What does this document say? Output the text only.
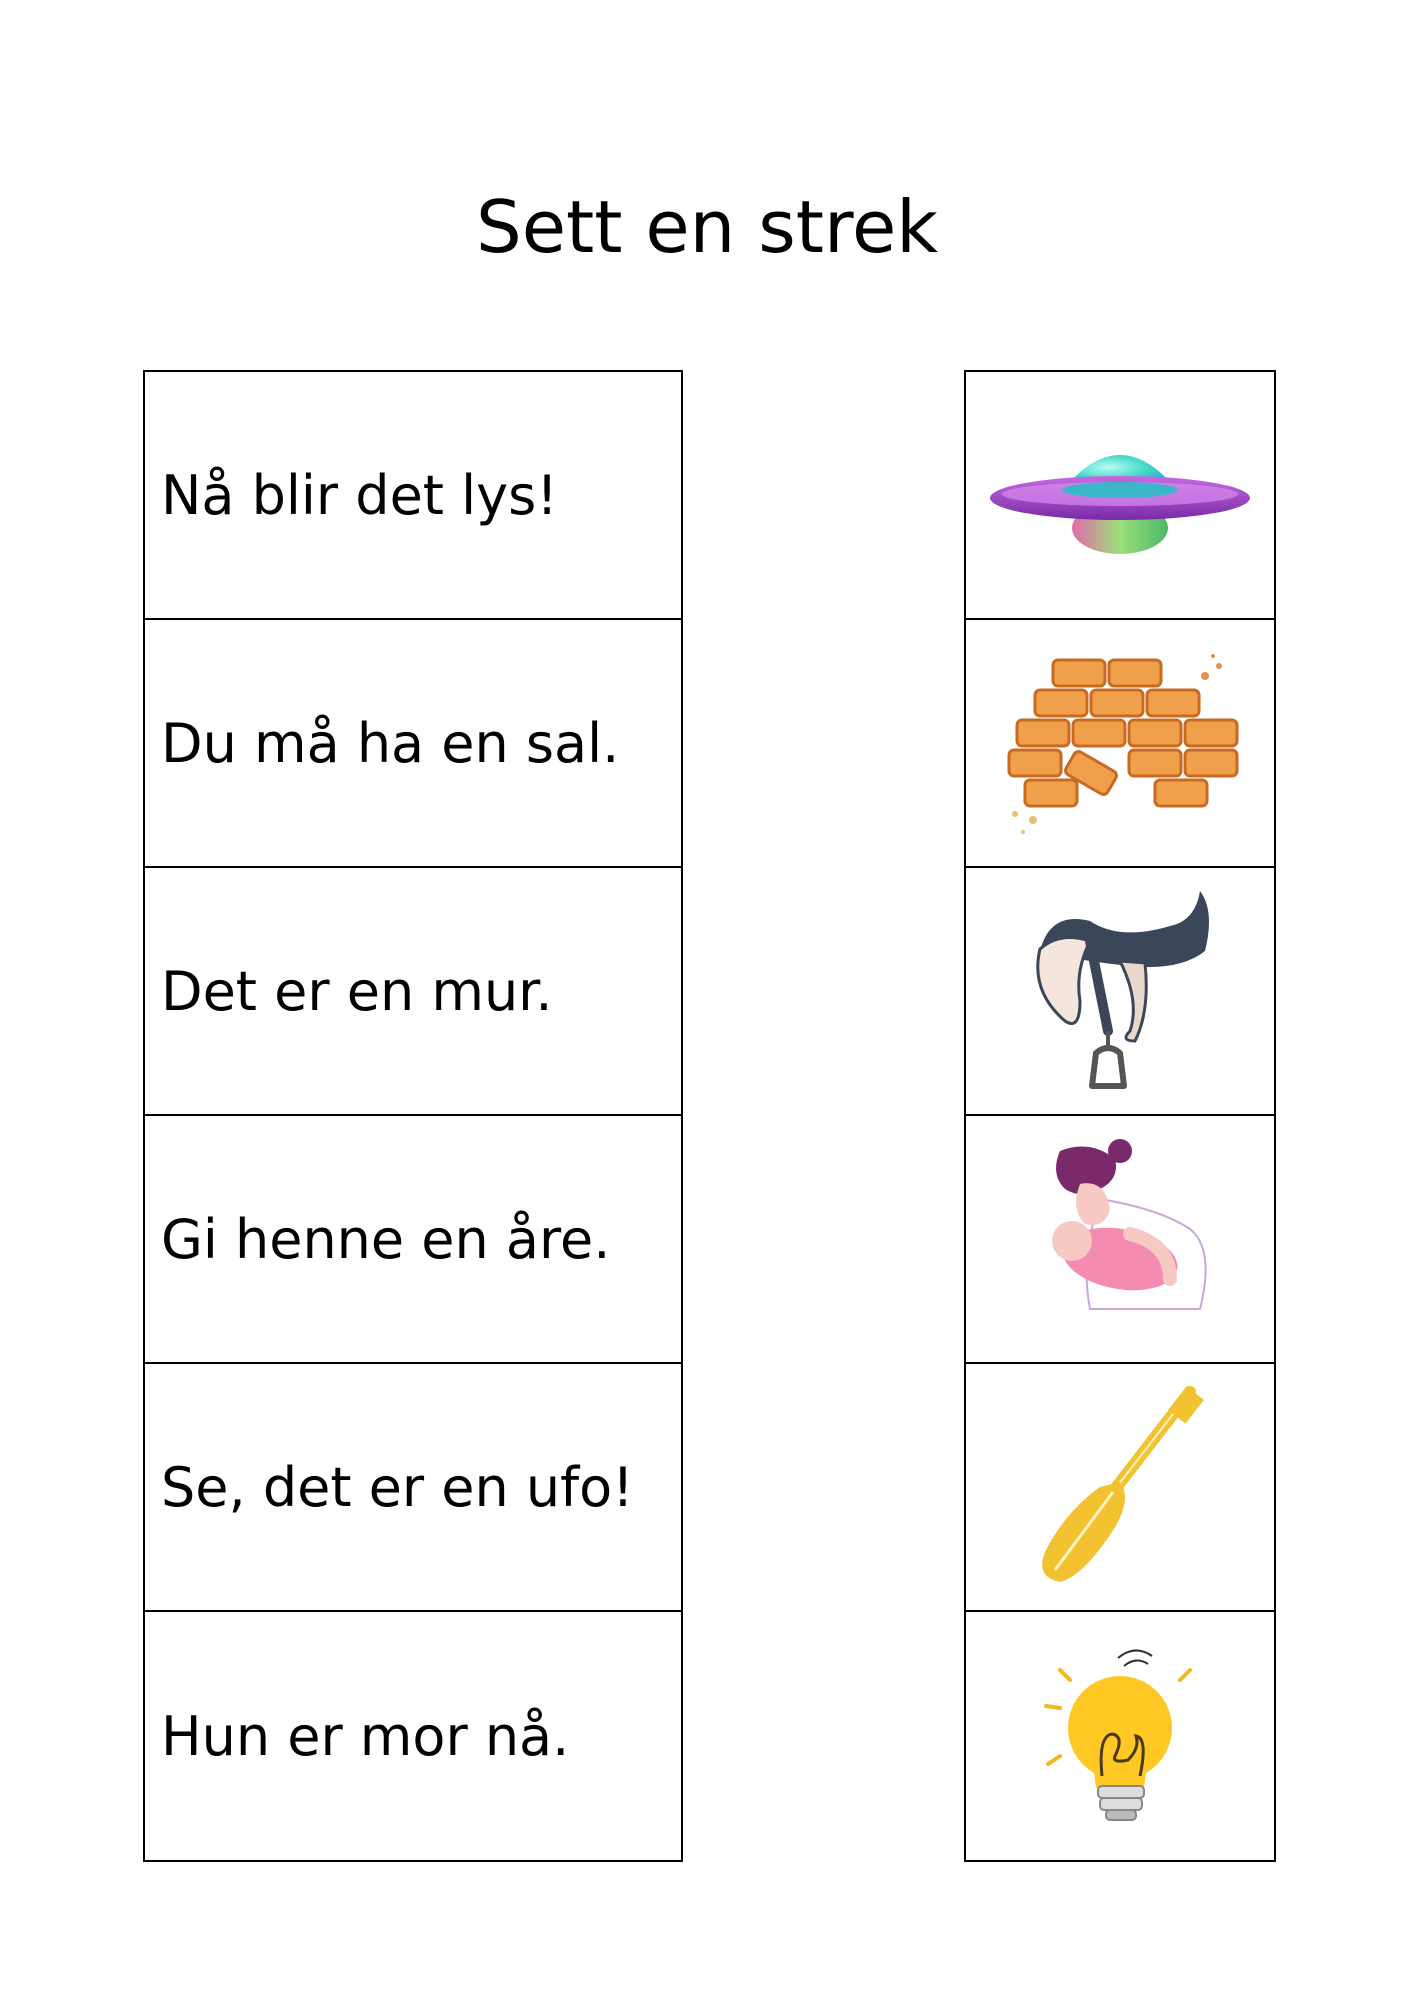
Sett en strek
Nå blir det lys!
Du må ha en sal.
Det er en mur.
Gi henne en åre.
Se, det er en ufo!
Hun er mor nå.
